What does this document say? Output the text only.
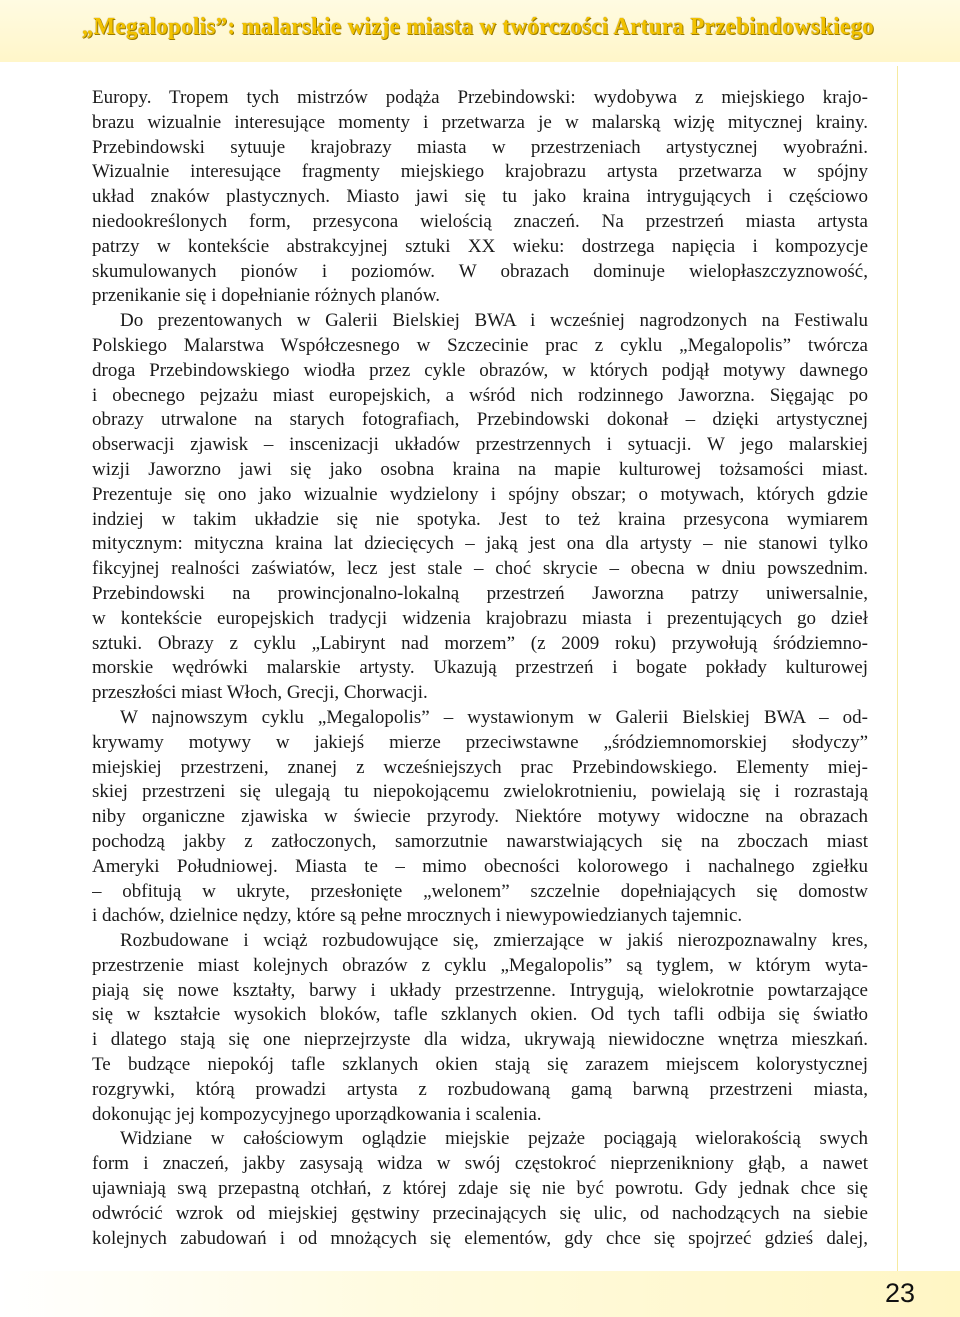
„Megalopolis”: malarskie wizje miasta w twórczości Artura Przebindowskiego
Europy. Tropem tych mistrzów podąża Przebindowski: wydobywa z miejskiego krajo-
brazu wizualnie interesujące momenty i przetwarza je w malarską wizję mitycznej krainy.
Przebindowski sytuuje krajobrazy miasta w przestrzeniach artystycznej wyobraźni.
Wizualnie interesujące fragmenty miejskiego krajobrazu artysta przetwarza w spójny
układ znaków plastycznych. Miasto jawi się tu jako kraina intrygujących i częściowo
niedookreślonych form, przesycona wielością znaczeń. Na przestrzeń miasta artysta
patrzy w kontekście abstrakcyjnej sztuki XX wieku: dostrzega napięcia i kompozycje
skumulowanych pionów i poziomów. W obrazach dominuje wielopłaszczyznowość,
przenikanie się i dopełnianie różnych planów.
Do prezentowanych w Galerii Bielskiej BWA i wcześniej nagrodzonych na Festiwalu
Polskiego Malarstwa Współczesnego w Szczecinie prac z cyklu „Megalopolis” twórcza
droga Przebindowskiego wiodła przez cykle obrazów, w których podjął motywy dawnego
i obecnego pejzażu miast europejskich, a wśród nich rodzinnego Jaworzna. Sięgając po
obrazy utrwalone na starych fotografiach, Przebindowski dokonał – dzięki artystycznej
obserwacji zjawisk – inscenizacji układów przestrzennych i sytuacji. W jego malarskiej
wizji Jaworzno jawi się jako osobna kraina na mapie kulturowej tożsamości miast.
Prezentuje się ono jako wizualnie wydzielony i spójny obszar; o motywach, których gdzie
indziej w takim układzie się nie spotyka. Jest to też kraina przesycona wymiarem
mitycznym: mityczna kraina lat dziecięcych – jaką jest ona dla artysty – nie stanowi tylko
fikcyjnej realności zaświatów, lecz jest stale – choć skrycie – obecna w dniu powszednim.
Przebindowski na prowincjonalno-lokalną przestrzeń Jaworzna patrzy uniwersalnie,
w kontekście europejskich tradycji widzenia krajobrazu miasta i prezentujących go dzieł
sztuki. Obrazy z cyklu „Labirynt nad morzem” (z 2009 roku) przywołują śródziemno-
morskie wędrówki malarskie artysty. Ukazują przestrzeń i bogate pokłady kulturowej
przeszłości miast Włoch, Grecji, Chorwacji.
W najnowszym cyklu „Megalopolis” – wystawionym w Galerii Bielskiej BWA – od-
krywamy motywy w jakiejś mierze przeciwstawne „śródziemnomorskiej słodyczy”
miejskiej przestrzeni, znanej z wcześniejszych prac Przebindowskiego. Elementy miej-
skiej przestrzeni się ulegają tu niepokojącemu zwielokrotnieniu, powielają się i rozrastają
niby organiczne zjawiska w świecie przyrody. Niektóre motywy widoczne na obrazach
pochodzą jakby z zatłoczonych, samorzutnie nawarstwiających się na zboczach miast
Ameryki Południowej. Miasta te – mimo obecności kolorowego i nachalnego zgiełku
– obfitują w ukryte, przesłonięte „welonem” szczelnie dopełniających się domostw
i dachów, dzielnice nędzy, które są pełne mrocznych i niewypowiedzianych tajemnic.
Rozbudowane i wciąż rozbudowujące się, zmierzające w jakiś nierozpoznawalny kres,
przestrzenie miast kolejnych obrazów z cyklu „Megalopolis” są tyglem, w którym wyta-
piają się nowe kształty, barwy i układy przestrzenne. Intrygują, wielokrotnie powtarzające
się w kształcie wysokich bloków, tafle szklanych okien. Od tych tafli odbija się światło
i dlatego stają się one nieprzejrzyste dla widza, ukrywają niewidoczne wnętrza mieszkań.
Te budzące niepokój tafle szklanych okien stają się zarazem miejscem kolorystycznej
rozgrywki, którą prowadzi artysta z rozbudowaną gamą barwną przestrzeni miasta,
dokonując jej kompozycyjnego uporządkowania i scalenia.
Widziane w całościowym oglądzie miejskie pejzaże pociągają wielorakością swych
form i znaczeń, jakby zasysają widza w swój częstokroć nieprzenikniony głąb, a nawet
ujawniają swą przepastną otchłań, z której zdaje się nie być powrotu. Gdy jednak chce się
odwrócić wzrok od miejskiej gęstwiny przecinających się ulic, od nachodzących na siebie
kolejnych zabudowań i od mnożących się elementów, gdy chce się spojrzeć gdzieś dalej,
23
